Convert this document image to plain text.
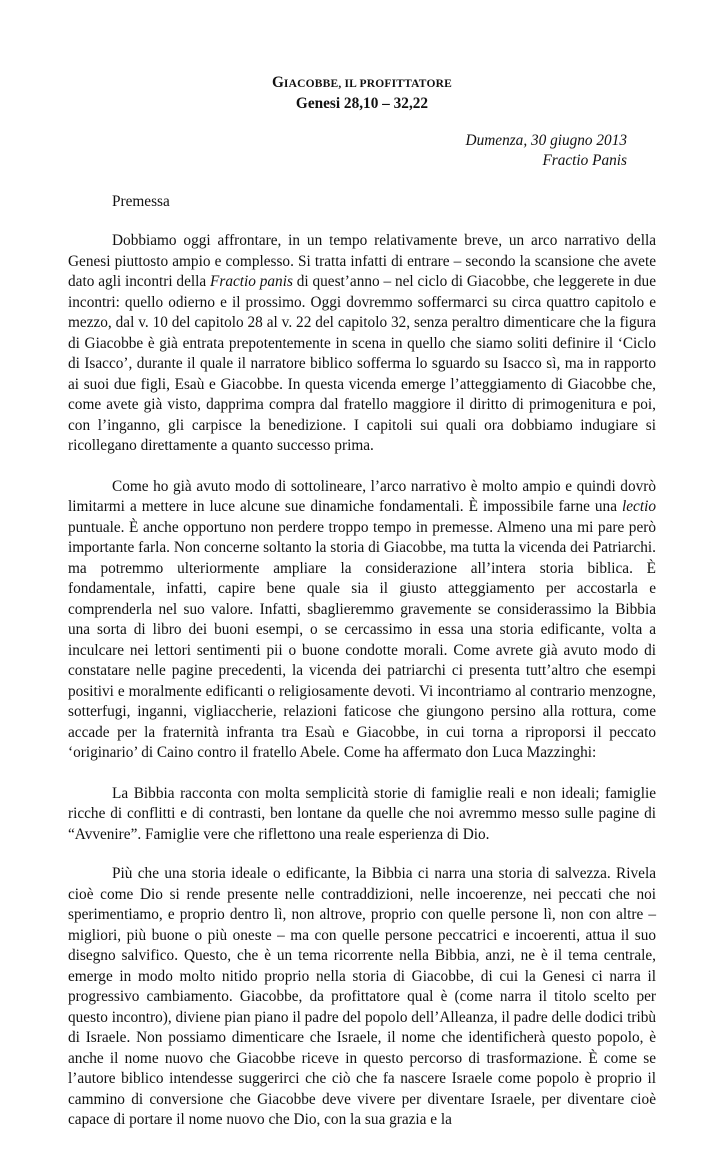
GIACOBBE, IL PROFITTATORE
Genesi 28,10 – 32,22
Dumenza, 30 giugno 2013
Fractio Panis
Premessa

Dobbiamo oggi affrontare, in un tempo relativamente breve, un arco narrativo della Genesi piuttosto ampio e complesso. Si tratta infatti di entrare – secondo la scansione che avete dato agli incontri della Fractio panis di quest’anno – nel ciclo di Giacobbe, che leggerete in due incontri: quello odierno e il prossimo. Oggi dovremmo soffermarci su circa quattro capitolo e mezzo, dal v. 10 del capitolo 28 al v. 22 del capitolo 32, senza peraltro dimenticare che la figura di Giacobbe è già entrata prepotentemente in scena in quello che siamo soliti definire il ‘Ciclo di Isacco’, durante il quale il narratore biblico sofferma lo sguardo su Isacco sì, ma in rapporto ai suoi due figli, Esaù e Giacobbe. In questa vicenda emerge l’atteggiamento di Giacobbe che, come avete già visto, dapprima compra dal fratello maggiore il diritto di primogenitura e poi, con l’inganno, gli carpisce la benedizione. I capitoli sui quali ora dobbiamo indugiare si ricollegano direttamente a quanto successo prima.

Come ho già avuto modo di sottolineare, l’arco narrativo è molto ampio e quindi dovrò limitarmi a mettere in luce alcune sue dinamiche fondamentali. È impossibile farne una lectio puntuale. È anche opportuno non perdere troppo tempo in premesse. Almeno una mi pare però importante farla. Non concerne soltanto la storia di Giacobbe, ma tutta la vicenda dei Patriarchi. ma potremmo ulteriormente ampliare la considerazione all’intera storia biblica. È fondamentale, infatti, capire bene quale sia il giusto atteggiamento per accostarla e comprenderla nel suo valore. Infatti, sbaglieremmo gravemente se considerassimo la Bibbia una sorta di libro dei buoni esempi, o se cercassimo in essa una storia edificante, volta a inculcare nei lettori sentimenti pii o buone condotte morali. Come avrete già avuto modo di constatare nelle pagine precedenti, la vicenda dei patriarchi ci presenta tutt’altro che esempi positivi e moralmente edificanti o religiosamente devoti. Vi incontriamo al contrario menzogne, sotterfugi, inganni, vigliaccherie, relazioni faticose che giungono persino alla rottura, come accade per la fraternità infranta tra Esaù e Giacobbe, in cui torna a riproporsi il peccato ‘originario’ di Caino contro il fratello Abele. Come ha affermato don Luca Mazzinghi:

La Bibbia racconta con molta semplicità storie di famiglie reali e non ideali; famiglie ricche di conflitti e di contrasti, ben lontane da quelle che noi avremmo messo sulle pagine di “Avvenire”. Famiglie vere che riflettono una reale esperienza di Dio.

Più che una storia ideale o edificante, la Bibbia ci narra una storia di salvezza. Rivela cioè come Dio si rende presente nelle contraddizioni, nelle incoerenze, nei peccati che noi sperimentiamo, e proprio dentro lì, non altrove, proprio con quelle persone lì, non con altre – migliori, più buone o più oneste – ma con quelle persone peccatrici e incoerenti, attua il suo disegno salvifico. Questo, che è un tema ricorrente nella Bibbia, anzi, ne è il tema centrale, emerge in modo molto nitido proprio nella storia di Giacobbe, di cui la Genesi ci narra il progressivo cambiamento. Giacobbe, da profittatore qual è (come narra il titolo scelto per questo incontro), diviene pian piano il padre del popolo dell’Alleanza, il padre delle dodici tribù di Israele. Non possiamo dimenticare che Israele, il nome che identificherà questo popolo, è anche il nome nuovo che Giacobbe riceve in questo percorso di trasformazione. È come se l’autore biblico intendesse suggerirci che ciò che fa nascere Israele come popolo è proprio il cammino di conversione che Giacobbe deve vivere per diventare Israele, per diventare cioè capace di portare il nome nuovo che Dio, con la sua grazia e la
